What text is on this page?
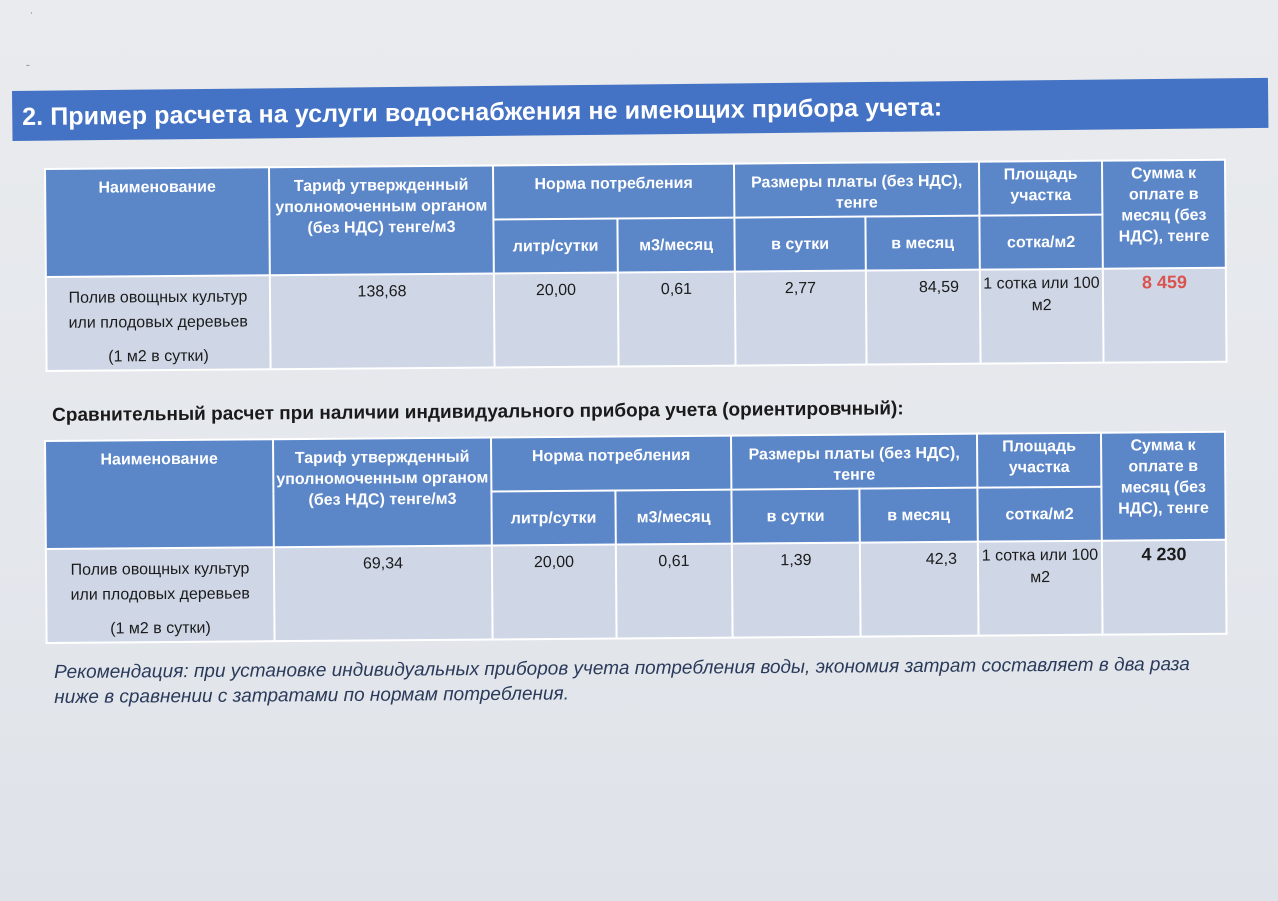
˙
ˉ
2. Пример расчета на услуги водоснабжения не имеющих прибора учета:
Наименование	Тариф утвержденный уполномоченным органом (без НДС) тенге/м3	Норма потребления		Размеры платы (без НДС), тенге		Площадь участка	Сумма к оплате в месяц (без НДС), тенге
		литр/сутки	м3/месяц	в сутки	в месяц	сотка/м2	
Полив овощных культур
или плодовых деревьев
(1 м2 в сутки)	138,68	20,00	0,61	2,77	84,59	1 сотка или 100 м2	8 459
Сравнительный расчет при наличии индивидуального прибора учета (ориентировчный):
Наименование	Тариф утвержденный уполномоченным органом (без НДС) тенге/м3	Норма потребления		Размеры платы (без НДС), тенге		Площадь участка	Сумма к оплате в месяц (без НДС), тенге
		литр/сутки	м3/месяц	в сутки	в месяц	сотка/м2	
Полив овощных культур
или плодовых деревьев
(1 м2 в сутки)	69,34	20,00	0,61	1,39	42,3	1 сотка или 100 м2	4 230
Рекомендация: при установке индивидуальных приборов учета потребления воды, экономия затрат составляет в два раза ниже в сравнении с затратами по нормам потребления.
